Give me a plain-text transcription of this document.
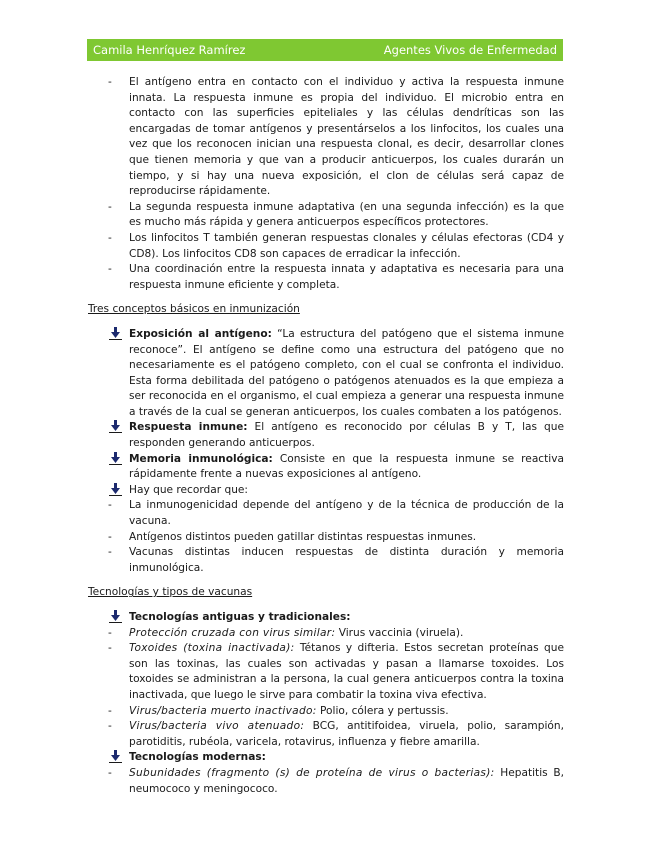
Camila Henríquez Ramírez	Agentes Vivos de Enfermedad
-	El antígeno entra en contacto con el individuo y activa la respuesta inmune innata. La respuesta inmune es propia del individuo. El microbio entra en contacto con las superficies epiteliales y las células dendríticas son las encargadas de tomar antígenos y presentárselos a los linfocitos, los cuales una vez que los reconocen inician una respuesta clonal, es decir, desarrollar clones que tienen memoria y que van a producir anticuerpos, los cuales durarán un tiempo, y si hay una nueva exposición, el clon de células será capaz de reproducirse rápidamente.
-	La segunda respuesta inmune adaptativa (en una segunda infección) es la que es mucho más rápida y genera anticuerpos específicos protectores.
-	Los linfocitos T también generan respuestas clonales y células efectoras (CD4 y CD8). Los linfocitos CD8 son capaces de erradicar la infección.
-	Una coordinación entre la respuesta innata y adaptativa es necesaria para una respuesta inmune eficiente y completa.
Tres conceptos básicos en inmunización
Exposición al antígeno: “La estructura del patógeno que el sistema inmune reconoce”. El antígeno se define como una estructura del patógeno que no necesariamente es el patógeno completo, con el cual se confronta el individuo. Esta forma debilitada del patógeno o patógenos atenuados es la que empieza a ser reconocida en el organismo, el cual empieza a generar una respuesta inmune a través de la cual se generan anticuerpos, los cuales combaten a los patógenos.
Respuesta inmune: El antígeno es reconocido por células B y T, las que responden generando anticuerpos.
Memoria inmunológica: Consiste en que la respuesta inmune se reactiva rápidamente frente a nuevas exposiciones al antígeno.
Hay que recordar que:
-	La inmunogenicidad depende del antígeno y de la técnica de producción de la vacuna.
-	Antígenos distintos pueden gatillar distintas respuestas inmunes.
-	Vacunas distintas inducen respuestas de distinta duración y memoria inmunológica.
Tecnologías y tipos de vacunas
Tecnologías antiguas y tradicionales:
-	Protección cruzada con virus similar: Virus vaccinia (viruela).
-	Toxoides (toxina inactivada): Tétanos y difteria. Estos secretan proteínas que son las toxinas, las cuales son activadas y pasan a llamarse toxoides. Los toxoides se administran a la persona, la cual genera anticuerpos contra la toxina inactivada, que luego le sirve para combatir la toxina viva efectiva.
-	Virus/bacteria muerto inactivado: Polio, cólera y pertussis.
-	Virus/bacteria vivo atenuado: BCG, antitifoidea, viruela, polio, sarampión, parotiditis, rubéola, varicela, rotavirus, influenza y fiebre amarilla.
Tecnologías modernas:
-	Subunidades (fragmento (s) de proteína de virus o bacterias): Hepatitis B, neumococo y meningococo.
